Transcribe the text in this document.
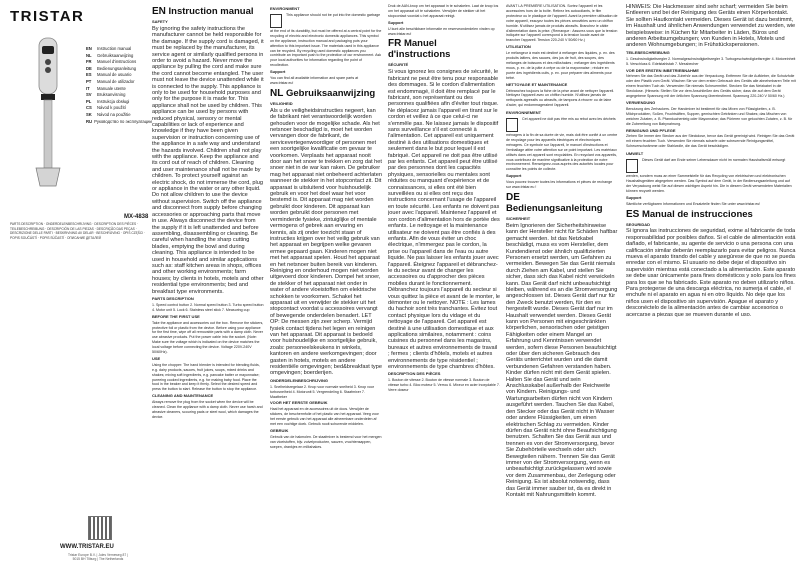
TRISTAR
EN	Instruction manual
NL	Gebruiksaanwijzing
FR	Manuel d'instructions
DE	Bedienungsanleitung
ES	Manual de usuario
PT	Manual de utilizador
IT	Manuale utente
SV	Bruksanvisning
PL	Instrukcja obsługi
CS	Návod k použití
SK	Návod na použitie
RU Руководство по эксплуатации
MX-4838
PARTS DESCRIPTION · ONDERDELENBESCHRIJVING · DESCRIPTION DES PIÈCES · TEILEBESCHREIBUNG · DESCRIPCIÓN DE LAS PIEZAS · DESCRIÇÃO DAS PEÇAS · DESCRIZIONE DELLE PARTI · BESKRIVNING AV DELAR · BESCHRIJVING · OPIS CZĘŚCI · POPIS SOUČÁSTÍ · POPIS SÚČASTÍ · ОПИСАНИЕ ДЕТАЛЕЙ
WWW.TRISTAR.EU
Tristar Europe B.V. | Jules Verneweg 87 | 5015 BH Tilburg | The Netherlands
EN Instruction manual
SAFETY

By ignoring the safety instructions the manufacturer cannot be held responsible for the damage. If the supply cord is damaged, it must be replaced by the manufacturer, its service agent or similarly qualified persons in order to avoid a hazard. Never move the appliance by pulling the cord and make sure the cord cannot become entangled. The user must not leave the device unattended while it is connected to the supply. This appliance is only to be used for household purposes and only for the purpose it is made for. This appliance shall not be used by children. This appliance can be used by persons with reduced physical, sensory or mental capabilities or lack of experience and knowledge if they have been given supervision or instruction concerning use of the appliance in a safe way and understand the hazards involved. Children shall not play with the appliance. Keep the appliance and its cord out of reach of children. Cleaning and user maintenance shall not be made by children. To protect yourself against an electric shock, do not immerse the cord, plug or appliance in the water or any other liquid. Do not allow children to use the device without supervision. Switch off the appliance and disconnect from supply before changing accessories or approaching parts that move in use. Always disconnect the device from the supply if it is left unattended and before assembling, disassembling or cleaning. Be careful when handling the sharp cutting blades, emptying the bowl and during cleaning. This appliance is intended to be used in household and similar applications such as: staff kitchen areas in shops, offices and other working environments; farm houses; by clients in hotels, motels and other residential type environments; bed and breakfast type environments.

PARTS DESCRIPTION

1. Speed control button 2. Normal speed button 3. Turbo speed button 4. Motor unit 5. Lock 6. Stainless steel stick 7. Measuring cup

BEFORE THE FIRST USE

Take the appliance and accessories out the box. Remove the stickers, protective foil or plastic from the device. Before using your appliance for the first time, wipe off all removable parts with a damp cloth. Never use abrasive products. Put the power cable into the socket. (Note: Make sure the voltage which is indicated on the device matches the local voltage before connecting the device. Voltage 220V-240V 50/60Hz).

USE

Using the chopper: The hand blender is intended for blending fluids, e.g. dairy products, sauces, fruit juices, soups, mixed drinks and shakes; mixing soft ingredients, e.g. pancake batter or mayonnaise; pureeing cooked ingredients, e.g. for making baby food. Place the food in the beaker and keep it firmly. Select the desired speed and press the button to start. Release the button to stop the appliance.

CLEANING AND MAINTENANCE

Always remove the plug from the socket when the device will be cleaned. Clean the appliance with a damp cloth. Never use harsh and abrasive cleaners, scouring pads or steel wool, which damages the device.

ENVIRONMENT
This appliance should not be put into the domestic garbage at the end of its durability, but must be offered at a central point for the recycling of electric and electronic domestic appliances. This symbol on the appliance, instruction manual and packaging puts your attention to this important issue. The materials used in this appliance can be recycled. By recycling used domestic appliances you contribute an important push to the protection of our environment. Ask your local authorities for information regarding the point of recollection.
Support

You can find all available information and spare parts at www.tristar.eu!

NL Gebruiksaanwijzing
VEILIGHEID

Als u de veiligheidsinstructies negeert, kan de fabrikant niet verantwoordelijk worden gehouden voor de mogelijke schade. Als het netsnoer beschadigd is, moet het worden vervangen door de fabrikant, de servicevertegenwoordiger of personen met een soortgelijke kwalificatie om gevaar te voorkomen. Verplaats het apparaat nooit door aan het snoer te trekken en zorg dat het snoer niet in de war kan raken. De gebruiker mag het apparaat niet onbeheerd achterlaten wanneer de stekker in het stopcontact zit. Dit apparaat is uitsluitend voor huishoudelijk gebruik en voor het doel waar het voor bestemd is. Dit apparaat mag niet worden gebruikt door kinderen. Dit apparaat kan worden gebruikt door personen met verminderde fysieke, zintuiglijke of mentale vermogens of gebrek aan ervaring en kennis, als zij onder toezicht staan of instructies krijgen over het veilig gebruik van het apparaat en begrijpen welke gevaren ermee gepaard gaan. Kinderen mogen niet met het apparaat spelen. Houd het apparaat en het netsnoer buiten bereik van kinderen. Reiniging en onderhoud mogen niet worden uitgevoerd door kinderen. Dompel het snoer, de stekker of het apparaat niet onder in water of andere vloeistoffen om elektrische schokken te voorkomen. Schakel het apparaat uit en verwijder de stekker uit het stopcontact voordat u accessoires vervangt of bewegende onderdelen benadert. LET OP: De messen zijn zeer scherp. Vermijd fysiek contact tijdens het legen en reinigen van het apparaat. Dit apparaat is bedoeld voor huishoudelijke en soortgelijke gebruik, zoals: personeelskeukens in winkels, kantoren en andere werkomgevingen; door gasten in hotels, motels en andere residentiële omgevingen; bed&breakfast type omgevingen; boerderijen.

ONDERDELENBESCHRIJVING

1. Snelheidsregelaar 2. Knop voor normale snelheid 3. Knop voor turbosnelheid 4. Motorunit 5. Vergrendeling 6. Staafmixer 7. Maatbeker

VOOR HET EERSTE GEBRUIK

Haal het apparaat en de accessoires uit de doos. Verwijder de stickers, de beschermfolie of het plastic van het apparaat. Veeg voor het eerste gebruik van het apparaat alle afneembare onderdelen af met een vochtige doek. Gebruik nooit schurende middelen.

GEBRUIK

Gebruik van de hakmolen. De staafmixer is bestemd voor het mengen van vloeistoffen, bijv. zuivelproducten, sauzen, vruchtensappen, soepen, drankjes en milkshakes.

Druk de AAN-knop om het apparaat in te schakelen. Laat de knop los om het apparaat uit te schakelen. Verwijder de stekker uit het stopcontact voordat u het apparaat reinigt.

Support

U kunt alle beschikbare informatie en reserveonderdelen vinden op www.tristar.eu!

FR Manuel d'instructions
SÉCURITÉ

Si vous ignorez les consignes de sécurité, le fabricant ne peut être tenu pour responsable des dommages. Si le cordon d'alimentation est endommagé, il doit être remplacé par le fabricant, son représentant ou des personnes qualifiées afin d'éviter tout risque. Ne déplacez jamais l'appareil en tirant sur le cordon et veillez à ce que celui-ci ne s'emmêle pas. Ne laissez jamais le dispositif sans surveillance s'il est connecté à l'alimentation. Cet appareil est uniquement destiné à des utilisations domestiques et seulement dans le but pour lequel il est fabriqué. Cet appareil ne doit pas être utilisé par les enfants. Cet appareil peut être utilisé par des personnes dont les capacités physiques, sensorielles ou mentales sont réduites ou manquant d'expérience et de connaissances, si elles ont été bien surveillées ou si elles ont reçu des instructions concernant l'usage de l'appareil en toute sécurité. Les enfants ne doivent pas jouer avec l'appareil. Maintenez l'appareil et son cordon d'alimentation hors de portée des enfants. Le nettoyage et la maintenance utilisateur ne doivent pas être confiés à des enfants. Afin de vous éviter un choc électrique, n'immergez pas le cordon, la prise ou l'appareil dans de l'eau ou autre liquide. Ne pas laisser les enfants jouer avec l'appareil. Éteignez l'appareil et débranchez-le du secteur avant de changer les accessoires ou d'approcher des pièces mobiles durant le fonctionnement. Débranchez toujours l'appareil du secteur si vous quittez la pièce et avant de le monter, le démonter ou le nettoyer. NOTE : Les lames du hachoir sont très tranchantes. Évitez tout contact physique lors du vidage et du nettoyage de l'appareil. Cet appareil est destiné à une utilisation domestique et aux applications similaires, notamment : coins cuisines du personnel dans les magasins, bureaux et autres environnements de travail ; fermes ; clients d'hôtels, motels et autres environnements de type résidentiel ; environnements de type chambres d'hôtes.

DESCRIPTION DES PIÈCES

1. Bouton de vitesse 2. Bouton de vitesse normale 3. Bouton de vitesse turbo 4. Bloc moteur 5. Verrou 6. Mixeur en acier inoxydable 7. Verre doseur

AVANT LA PREMIÈRE UTILISATION. Sortez l'appareil et les accessoires hors de la boîte. Retirez les autocollants, le film protecteur ou le plastique de l'appareil. Avant la première utilisation de votre appareil, essuyez toutes les pièces amovibles avec un chiffon humide. N'utilisez jamais de produits abrasifs. Branchez le câble d'alimentation dans la prise. (Remarque : Assurez-vous que la tension indiquée sur l'appareil correspond à la tension locale avant de brancher l'appareil. Tension 220-240 V 50/60 Hz.)

UTILISATION

Le mélangeur à main est destiné à mélanger des liquides, p. ex. des produits laitiers, des sauces, des jus de fruit, des soupes, des mélanges de boissons et des milkshakes ; mélanger des ingrédients mous, p. ex. de la pâte à crêpe ou de la mayonnaise ; réduire en purée des ingrédients cuits, p. ex. pour préparer des aliments pour bébé.

NETTOYAGE ET MAINTENANCE

Débranchez toujours la fiche de la prise avant de nettoyer l'appareil. Nettoyez l'appareil avec un chiffon humide. N'utilisez jamais de nettoyants agressifs ou abrasifs, de tampons à récurer ou de laine d'acier, qui endommageraient l'appareil.

ENVIRONNEMENT
Cet appareil ne doit pas être mis au rebut avec les déchets ménagers à la fin de sa durée de vie, mais doit être confié à un centre de recyclage pour les appareils électriques et électroniques ménagers. Ce symbole sur l'appareil, le manuel d'instructions et l'emballage attire votre attention sur ce point important. Les matériaux utilisés dans cet appareil sont recyclables. En recyclant vos appareils, vous contribuez de manière significative à la protection de notre environnement. Renseignez-vous auprès des autorités locales pour connaître les points de collecte.
Support

Vous pouvez trouver toutes les informations et pièces de rechange sur www.tristar.eu !

DE Bedienungsanleitung
SICHERHEIT

Beim Ignorieren der Sicherheitshinweise kann der Hersteller nicht für Schäden haftbar gemacht werden. Ist das Netzkabel beschädigt, muss es vom Hersteller, dem Kundendienst oder ähnlich qualifizierten Personen ersetzt werden, um Gefahren zu vermeiden. Bewegen Sie das Gerät niemals durch Ziehen am Kabel, und stellen Sie sicher, dass sich das Kabel nicht verwickeln kann. Das Gerät darf nicht unbeaufsichtigt bleiben, während es an die Stromversorgung angeschlossen ist. Dieses Gerät darf nur für den Zweck benutzt werden, für den es hergestellt wurde. Dieses Gerät darf nur im Haushalt verwendet werden. Dieses Gerät kann von Personen mit eingeschränkten körperlichen, sensorischen oder geistigen Fähigkeiten oder einem Mangel an Erfahrung und Kenntnissen verwendet werden, sofern diese Personen beaufsichtigt oder über den sicheren Gebrauch des Geräts unterrichtet wurden und die damit verbundenen Gefahren verstanden haben. Kinder dürfen nicht mit dem Gerät spielen. Halten Sie das Gerät und sein Anschlusskabel außerhalb der Reichweite von Kindern. Reinigungs- und Wartungsarbeiten dürfen nicht von Kindern ausgeführt werden. Tauchen Sie das Kabel, den Stecker oder das Gerät nicht in Wasser oder andere Flüssigkeiten, um einen elektrischen Schlag zu vermeiden. Kinder dürfen das Gerät nicht ohne Beaufsichtigung benutzen. Schalten Sie das Gerät aus und trennen es von der Stromversorgung, bevor Sie Zubehörteile wechseln oder sich Bewegteilen nähern. Trennen Sie das Gerät immer von der Stromversorgung, wenn es unbeaufsichtigt zurückgelassen wird sowie vor dem Zusammenbau, der Zerlegung oder Reinigung. Es ist absolut notwendig, dass das Gerät immer sauber ist, da es direkt in Kontakt mit Nahrungsmitteln kommt.

HINWEIS: Die Hackmesser sind sehr scharf; vermeiden Sie beim Entleeren und bei der Reinigung des Geräts einen Körperkontakt. Sie sollten Hautkontakt vermeiden. Dieses Gerät ist dazu bestimmt, im Haushalt und ähnlichen Anwendungen verwendet zu werden, wie beispielsweise: in Küchen für Mitarbeiter in Läden, Büros und anderen Arbeitsumgebungen; von Kunden in Hotels, Motels und anderen Wohnumgebungen; in Frühstückspensionen.

TEILEBESCHREIBUNG

1. Geschwindigkeitsregler 2. Normalgeschwindigkeitsregler 3. Turbogeschwindigkeitsregler 4. Motoreinheit 5. Verschluss 6. Edelstahlstab 7. Messbecher

VOR DER ERSTEN INBETRIEBNAHME

Nehmen Sie das Gerät und das Zubehör aus der Verpackung. Entfernen Sie die Aufkleber, die Schutzfolie oder den Plastik vom Gerät. Wischen Sie vor dem ersten Gebrauch des Geräts alle abnehmbaren Teile mit einem feuchten Tuch ab. Verwenden Sie niemals Scheuermittel. Stecken Sie das Netzkabel in die Steckdose. (Hinweis: Stellen Sie vor dem Anschließen des Geräts sicher, dass die auf dem Gerät angegebene Spannung mit der örtlichen Spannung übereinstimmt. Spannung 220-240 V 50/60 Hz.)

VERWENDUNG

Benutzung des Zerhackers. Der Handmixer ist bestimmt für das Mixen von Flüssigkeiten, z. B. Milchprodukten, Soßen, Fruchtsäften, Suppen, gemischten Getränken und Shakes; das Mischen von weichen Zutaten, z. B. Pfannkuchenteig oder Mayonnaise; das Pürieren von gekochten Zutaten, z. B. für die Zubereitung von Babynahrung.

REINIGUNG UND PFLEGE

Ziehen Sie immer den Stecker aus der Steckdose, bevor das Gerät gereinigt wird. Reinigen Sie das Gerät mit einem feuchten Tuch. Verwenden Sie niemals scharfe oder scheuernde Reinigungsmittel, Scheuerschwämme oder Stahlwolle, die das Gerät beschädigen.

UMWELT
Dieses Gerät darf am Ende seiner Lebensdauer nicht im normalen Haushaltsmüll entsorgt werden, sondern muss an einer Sammelstelle für das Recycling von elektrischen und elektronischen Haushaltsgeräten abgegeben werden. Das Symbol auf dem Gerät, in der Bedienungsanleitung und auf der Verpackung weist Sie auf diesen wichtigen Aspekt hin. Die in diesem Gerät verwendeten Materialien können recycelt werden.
Support

Sämtliche verfügbaren Informationen und Ersatzteile finden Sie unter www.tristar.eu!

ES Manual de instrucciones
SEGURIDAD

Si ignora las instrucciones de seguridad, exime al fabricante de toda responsabilidad por posibles daños. Si el cable de alimentación está dañado, el fabricante, su agente de servicio o una persona con una calificación similar deberán reemplazarlo para evitar peligros. Nunca mueva el aparato tirando del cable y asegúrese de que no se pueda enredar con el mismo. El usuario no debe dejar el dispositivo sin supervisión mientras está conectado a la alimentación. Este aparato se debe usar únicamente para fines domésticos y solo para los fines para los que se ha fabricado. Este aparato no deben utilizarlo niños. Para protegerse de una descarga eléctrica, no sumerja el cable, el enchufe ni el aparato en agua ni en otro líquido. No deje que los niños usen el dispositivo sin supervisión. Apague el aparato y desconéctelo de la alimentación antes de cambiar accesorios o acercarse a piezas que se mueven durante el uso.
